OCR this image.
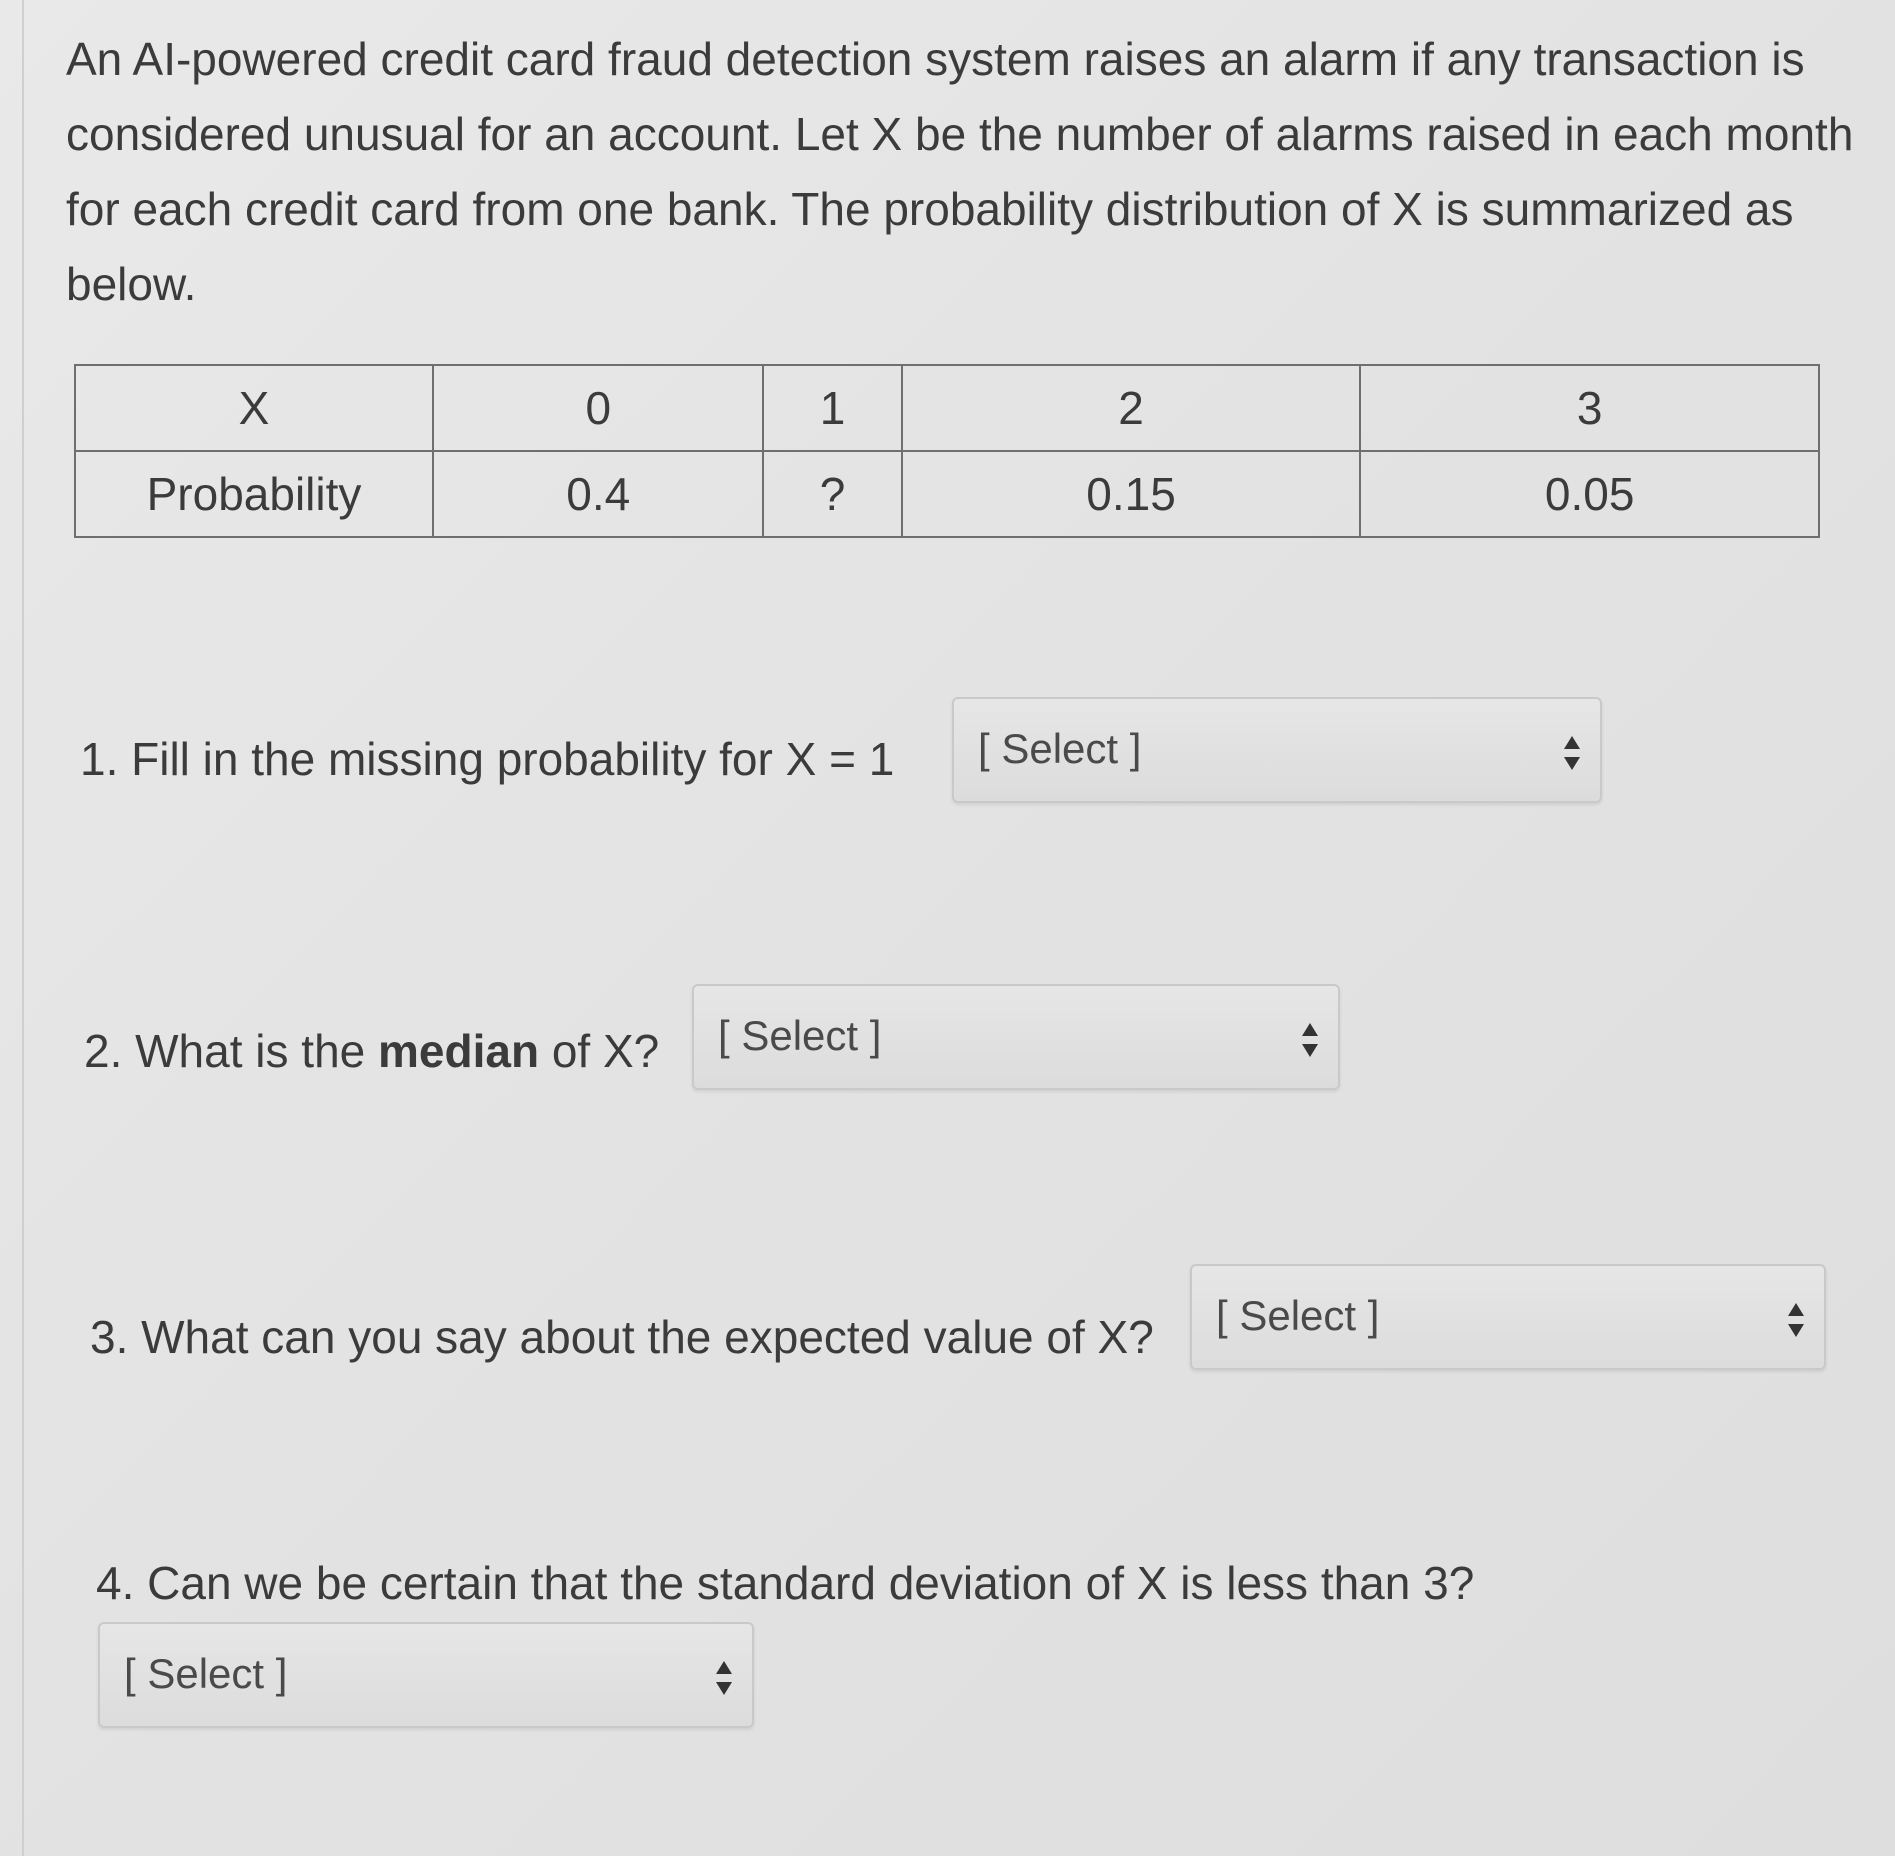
An AI-powered credit card fraud detection system raises an alarm if any transaction is considered unusual for an account. Let X be the number of alarms raised in each month for each credit card from one bank. The probability distribution of X is summarized as below.

X	0	1	2	3
Probability	0.4	?	0.15	0.05
1. Fill in the missing probability for X = 1 [ Select ]
2. What is the median of X? [ Select ]
3. What can you say about the expected value of X? [ Select ]
4. Can we be certain that the standard deviation of X is less than 3?
[ Select ]
